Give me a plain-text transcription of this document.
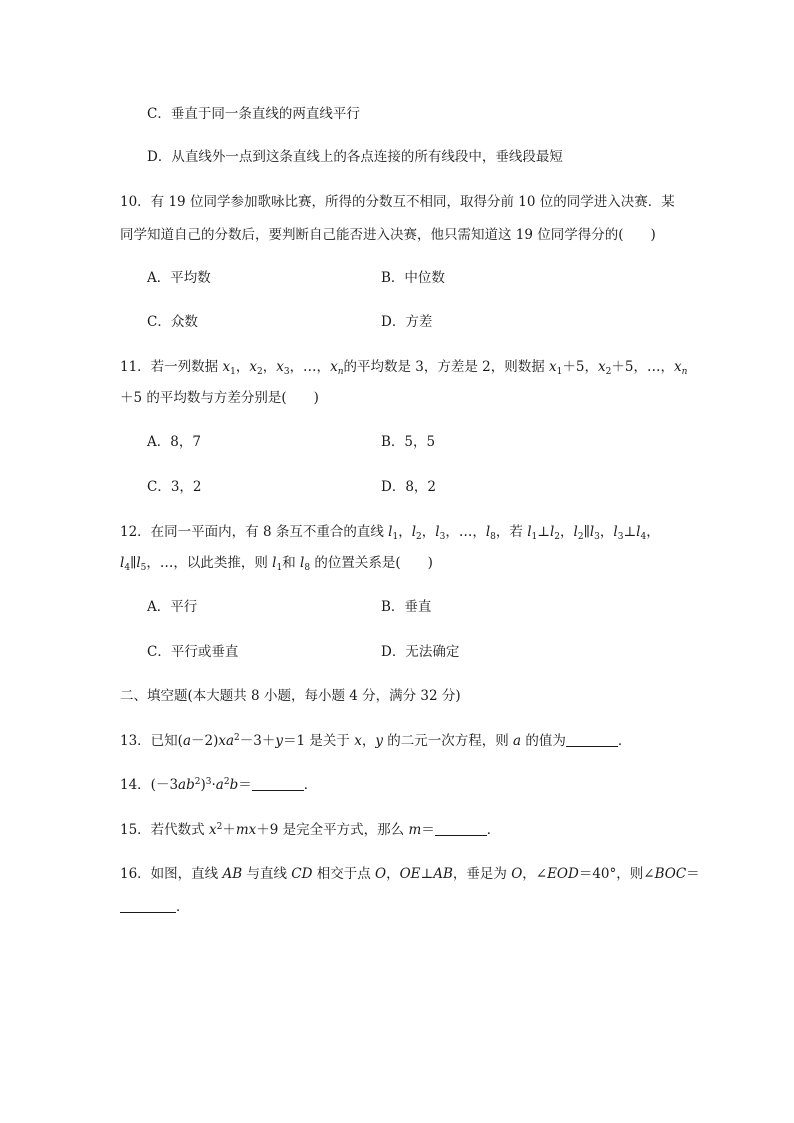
C．垂直于同一条直线的两直线平行
D．从直线外一点到这条直线上的各点连接的所有线段中，垂线段最短
10．有 19 位同学参加歌咏比赛，所得的分数互不相同，取得分前 10 位的同学进入决赛．某
同学知道自己的分数后，要判断自己能否进入决赛，他只需知道这 19 位同学得分的(　　)
A．平均数	B．中位数
C．众数	D．方差
11．若一列数据 $x_1$，$x_2$，$x_3$，…，$x_n$的平均数是 3，方差是 2，则数据 $x_1+5$，$x_2+5$，…，$x_n$
＋5 的平均数与方差分别是(　　)
A．8，7	B．5，5
C．3，2	D．8，2
12．在同一平面内，有 8 条互不重合的直线 $l_1$，$l_2$，$l_3$，…，$l_8$，若 $l_1\perp l_2$，$l_2\parallel l_3$，$l_3\perp l_4$，
$l_4\parallel l_5$，…，以此类推，则 $l_1$和 $l_8$ 的位置关系是(　　)
A．平行	B．垂直
C．平行或垂直	D．无法确定
二、填空题(本大题共 8 小题，每小题 4 分，满分 32 分)
13．已知$(a-2)xa^2-3+y=1$ 是关于 x，y 的二元一次方程，则 a 的值为	．
14．$(-3ab^2)^3\cdot a^2b=$	．
15．若代数式 $x^2+mx+9$ 是完全平方式，那么 m＝	．
16．如图，直线 AB 与直线 CD 相交于点 O，OE⊥AB，垂足为 O，∠EOD＝40°，则∠BOC＝
．
